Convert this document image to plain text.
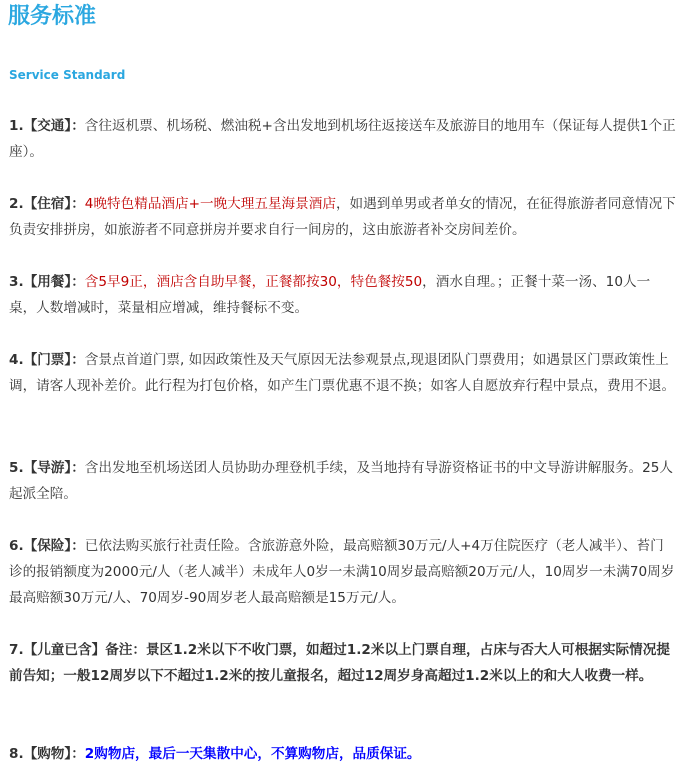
服务标准
Service Standard

1.【交通】：含往返机票、机场税、燃油税+含出发地到机场往返接送车及旅游目的地用车（保证每人提供1个正座）。

2.【住宿】：4晚特色精品酒店+一晚大理五星海景酒店，如遇到单男或者单女的情况，在征得旅游者同意情况下负责安排拼房，如旅游者不同意拼房并要求自行一间房的，这由旅游者补交房间差价。

3.【用餐】：含5早9正，酒店含自助早餐，正餐都按30，特色餐按50，酒水自理。；正餐十菜一汤、10人一桌，人数增减时，菜量相应增减，维持餐标不变。

4.【门票】：含景点首道门票, 如因政策性及天气原因无法参观景点,现退团队门票费用；如遇景区门票政策性上调，请客人现补差价。此行程为打包价格，如产生门票优惠不退不换；如客人自愿放弃行程中景点，费用不退。

5.【导游】：含出发地至机场送团人员协助办理登机手续，及当地持有导游资格证书的中文导游讲解服务。25人起派全陪。

6.【保险】：已依法购买旅行社责任险。含旅游意外险，最高赔额30万元/人+4万住院医疗（老人减半）、苔门诊的报销额度为2000元/人（老人减半）未成年人0岁一未满10周岁最高赔额20万元/人，10周岁一未满70周岁最高赔额30万元/人、70周岁-90周岁老人最高赔额是15万元/人。

7.【儿童已含】备注：景区1.2米以下不收门票，如超过1.2米以上门票自理，占床与否大人可根据实际情况提前告知；一般12周岁以下不超过1.2米的按儿童报名，超过12周岁身高超过1.2米以上的和大人收费一样。

8.【购物】：2购物店，最后一天集散中心，不算购物店，品质保证。
